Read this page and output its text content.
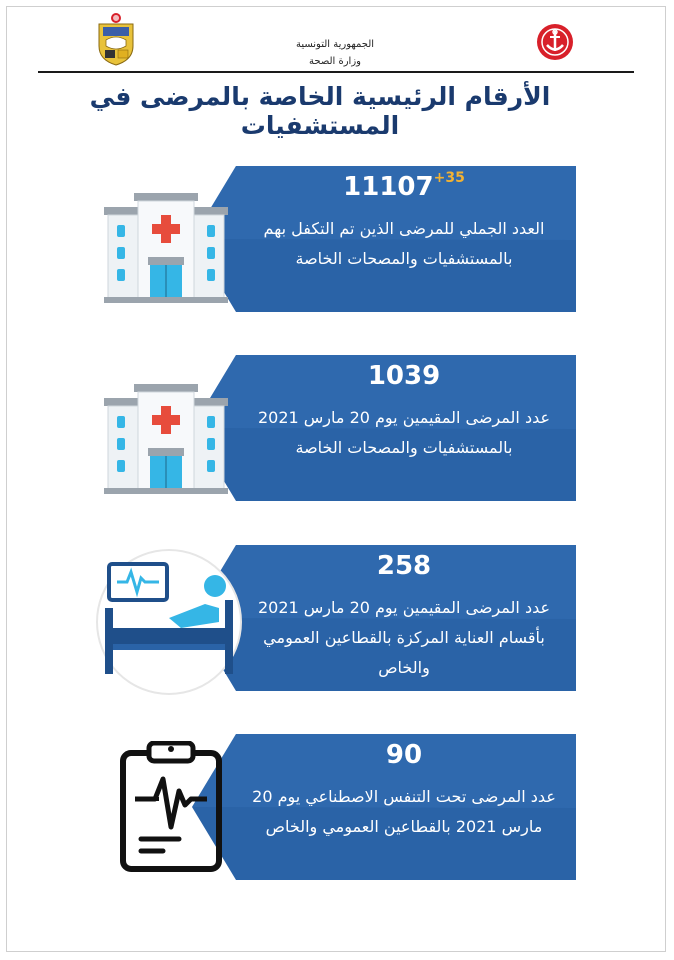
الجمهورية التونسية
وزارة الصحة
الأرقام الرئيسية الخاصة بالمرضى في المستشفيات
$11107^{+35}$
العدد الجملي للمرضى الذين تم التكفل بهم بالمستشفيات والمصحات الخاصة
1039
عدد المرضى المقيمين يوم 20 مارس 2021 بالمستشفيات والمصحات الخاصة
258
عدد المرضى المقيمين يوم 20 مارس 2021 بأقسام العناية المركزة بالقطاعين العمومي والخاص
90
عدد المرضى تحت التنفس الاصطناعي يوم 20 مارس 2021 بالقطاعين العمومي والخاص
